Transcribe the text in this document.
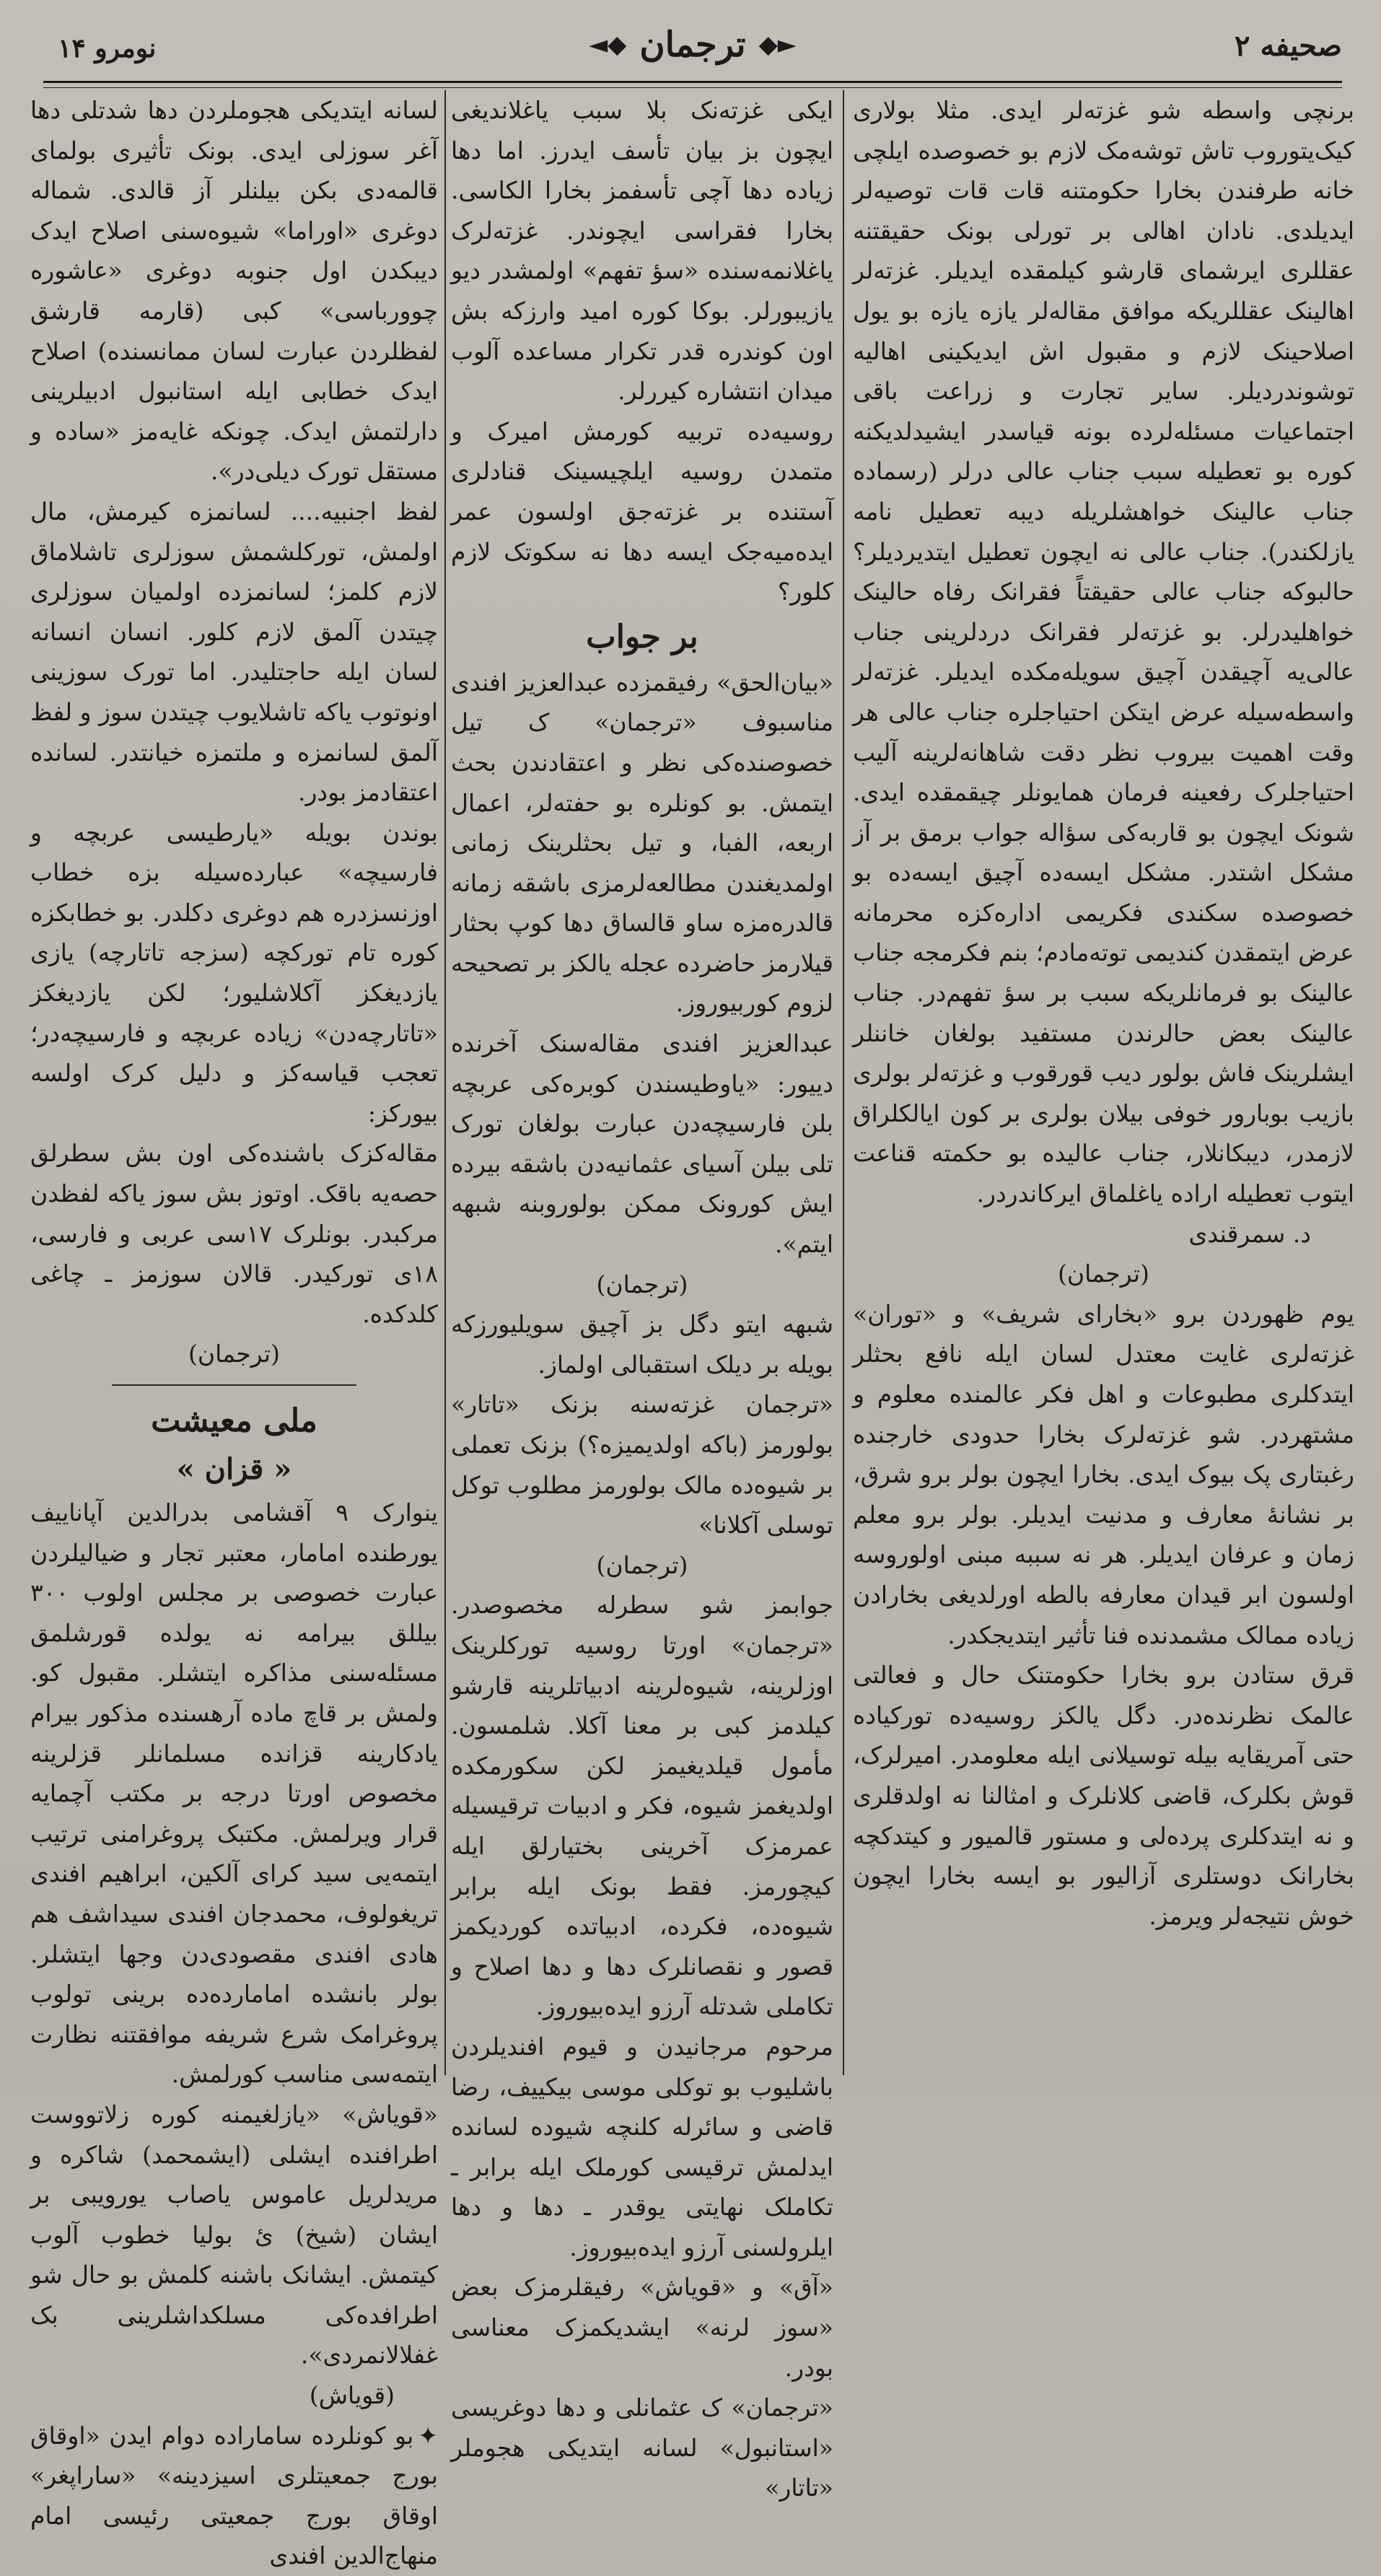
صحیفه ۲
◄◆ ترجمان ◆►
نومرو ۱۴

برنچی واسطه شو غزته‌لر ایدی. مثلا بولاری کیک‌یتوروب تاش توشه‌مک لازم بو خصوصده ایلچی خانه طرفندن بخارا حکومتنه قات قات توصیه‌لر ایدیلدی. نادان اهالی بر تورلی بونک حقیقتنه عقللری ایرشمای قارشو کیلمقده ایدیلر. غزته‌لر اهالینک عقللریکه موافق مقاله‌لر یازه یازه بو یول اصلاحینک لازم و مقبول اش ایدیکینی اهالیه توشوندردیلر. سایر تجارت و زراعت باقی اجتماعیات مسئله‌لرده بونه قیاسدر ایشیدلدیکنه کوره بو تعطیله سبب جناب عالی درلر (رسماده جناب عالینک خواهشلریله دیبه تعطیل نامه یازلکندر). جناب عالی نه ایچون تعطیل ایتدیردیلر؟ حالبوکه جناب عالی حقیقتاً فقرانک رفاه حالینک خواهلیدرلر. بو غزته‌لر فقرانک دردلرینی جناب عالی‌یه آچیقدن آچیق سویله‌مکده ایدیلر. غزته‌لر واسطه‌سیله عرض ایتکن احتیاجلره جناب عالی هر وقت اهمیت بیروب نظر دقت شاهانه‌لرینه آلیب احتیاجلرک رفعینه فرمان همایونلر چیقمقده ایدی. شونک ایچون بو قاربه‌کی سؤاله جواب برمق بر آز مشکل اشتدر. مشکل ایسه‌ده آچیق ایسه‌ده بو خصوصده سکندی فکریمی اداره‌کزه محرمانه عرض ایتمقدن کندیمی توته‌مادم؛ بنم فکرمجه جناب عالینک بو فرمانلریکه سبب بر سؤ تفهم‌در. جناب عالینک بعض حالرندن مستفید بولغان خاننلر ایشلرینک فاش بولور دیب قورقوب و غزته‌لر بولری بازیب بوبارور خوفی بیلان بولری بر کون ایالکلراق لازمدر، دیبکانلار، جناب عالیده بو حکمته قناعت ایتوب تعطیله اراده یاغلماق ایرکاندردر.

د. سمرقندی

(ترجمان)

یوم ظهوردن برو «بخارای شریف» و «توران» غزته‌لری غایت معتدل لسان ایله نافع بحثلر ایتدکلری مطبوعات و اهل فکر عالمنده معلوم و مشتهردر. شو غزته‌لرک بخارا حدودی خارجنده رغبتاری پک بیوک ایدی. بخارا ایچون بولر برو شرق، بر نشانهٔ معارف و مدنیت ایدیلر. بولر برو معلم زمان و عرفان ایدیلر. هر نه سببه مبنی اولوروسه اولسون ابر قیدان معارفه بالطه اورلدیغی بخارادن زیاده ممالک مشمدنده فنا تأثیر ایتدیجکدر.

قرق ستادن برو بخارا حکومتنک حال و فعالتی عالمک نظرنده‌در. دگل یالکز روسیه‌ده تورکیاده حتی آمریقایه بیله توسیلانی ایله معلومدر. امیرلرک، قوش بکلرک، قاضی کلانلرک و امثالنا نه اولدقلری و نه ایتدکلری پرده‌لی و مستور قالمیور و کیتدکچه بخارانک دوستلری آزالیور بو ایسه بخارا ایچون خوش نتیجه‌لر ویرمز.

ایکی غزته‌نک بلا سبب یاغلاندیغی ایچون بز بیان تأسف ایدرز. اما دها زیاده دها آچی تأسفمز بخارا الکاسی. بخارا فقراسی ایچوندر. غزته‌لرک یاغلانمه‌سنده «سؤ تفهم» اولمشدر دیو یازیبورلر. بوکا کوره امید وارزکه بش اون کوندره قدر تکرار مساعده آلوب میدان انتشاره کیررلر.

روسیه‌ده تربیه کورمش امیرک و متمدن روسیه ایلچیسینک قنادلری آستنده بر غزته‌جق اولسون عمر ایده‌میه‌جک ایسه دها نه سکوتک لازم کلور؟

بر جواب

«بیان‌الحق» رفیقمزده عبدالعزیز افندی مناسبوف «ترجمان» ک تیل خصوصنده‌کی نظر و اعتقادندن بحث ایتمش. بو کونلره بو حفته‌لر، اعمال اربعه، الفبا، و تیل بحثلرینک زمانی اولمدیغندن مطالعه‌لرمزی باشقه زمانه قالدره‌مزه ساو قالساق دها کوپ بحثار قیلارمز حاضرده عجله یالکز بر تصحیحه لزوم کوربیوروز.

عبدالعزیز افندی مقاله‌سنک آخرنده دییور: «یاوطیسندن کوبره‌کی عربچه بلن فارسیچه‌دن عبارت بولغان تورک تلی بیلن آسیای عثمانیه‌دن باشقه بیرده ایش کورونک ممکن بولوروبنه شبهه ایتم».

(ترجمان)

شبهه ایتو دگل بز آچیق سویلیورزکه بویله بر دیلک استقبالی اولماز.

«ترجمان غزته‌سنه بزنک «تاتار» بولورمز (باکه اولدیمیزه؟) بزنک تعملی بر شیوه‌ده مالک بولورمز مطلوب توکل توسلی آکلانا»

(ترجمان)

جوابمز شو سطرله مخصوصدر. «ترجمان» اورتا روسیه تورکلرینک اوزلرینه، شیوه‌لرینه ادبیاتلرینه قارشو کیلدمز کبی بر معنا آکلا. شلمسون. مأمول قیلدیغیمز لکن سکورمکده اولدیغمز شیوه، فکر و ادبیات ترقیسیله عمرمزک آخرینی بختیارلق ایله کیچورمز. فقط بونک ایله برابر شیوه‌ده، فکرده، ادبیاتده کوردیکمز قصور و نقصانلرک دها و دها اصلاح و تکاملی شدتله آرزو ایده‌بیوروز.

مرحوم مرجانیدن و قیوم افندیلردن باشلیوب بو توکلی موسی بیکییف، رضا قاضی و سائرله کلنچه شیوده لسانده ایدلمش ترقیسی کورملک ایله برابر ـ تکاملک نهایتی یوقدر ـ دها و دها ایلرولسنی آرزو ایده‌بیوروز.

«آق» و «قویاش» رفیقلرمزک بعض «سوز لرنه» ایشدیکمزک معناسی بودر.

«ترجمان» ک عثمانلی و دها دوغریسی «استانبول» لسانه ایتدیکی هجوملر «تاتار»

لسانه ایتدیکی هجوملردن دها شدتلی دها آغر سوزلی ایدی. بونک تأثیری بولمای قالمه‌دی بکن بیلنلر آز قالدی. شماله دوغری «اوراما» شیوه‌سنی اصلاح ایدک دیبکدن اول جنوبه دوغری «عاشوره چوورباسی» کبی (قارمه قارشق لفظلردن عبارت لسان ممانسنده) اصلاح ایدک خطابی ایله استانبول ادبیلرینی دارلتمش ایدک. چونکه غایه‌مز «ساده و مستقل تورک دیلی‌در».

لفظ اجنبیه.... لسانمزه کیرمش، مال اولمش، تورکلشمش سوزلری تاشلاماق لازم کلمز؛ لسانمزده اولمیان سوزلری چیتدن آلمق لازم کلور. انسان انسانه لسان ایله حاجتلیدر. اما تورک سوزینی اونوتوب یاکه تاشلایوب چیتدن سوز و لفظ آلمق لسانمزه و ملتمزه خیانتدر. لسانده اعتقادمز بودر.

بوندن بویله «یارطیسی عربچه و فارسیچه» عبارده‌سیله بزه خطاب اوزنسزدره هم دوغری دکلدر. بو خطابکزه کوره تام تورکچه (سزجه تاتارچه) یازی یازدیغکز آکلاشلیور؛ لکن یازدیغکز «تاتارچه‌دن» زیاده عربچه و فارسیچه‌در؛ تعجب قیاسه‌کز و دلیل کرک اولسه بیورکز:

مقاله‌کزک باشنده‌کی اون بش سطرلق حصه‌یه باقک. اوتوز بش سوز یاکه لفظدن مرکبدر. بونلرک ۱۷سی عربی و فارسی، ۱۸ی تورکیدر. قالان سوزمز ـ چاغی کلدکده.

(ترجمان)

ملی معیشت
« قزان »

ینوارک ۹ آقشامی بدرالدین آپاناییف یورطنده امامار، معتبر تجار و ضیالیلردن عبارت خصوصی بر مجلس اولوب ۳۰۰ بیللق بیرامه نه یولده قورشلمق مسئله‌سنی مذاکره ایتشلر. مقبول کو. ولمش بر قاچ ماده آرهسنده مذکور بیرام یادکارینه قزانده مسلمانلر قزلرینه مخصوص اورتا درجه بر مکتب آچمایه قرار ویرلمش. مکتبک پروغرامنی ترتیب ایتمه‌یی سید کرای آلکین، ابراهیم افندی تریغولوف، محمدجان افندی سیداشف هم هادی افندی مقصودی‌دن وجها ایتشلر. بولر بانشده امامارده‌ده برینی تولوب پروغرامک شرع شریفه موافقتنه نظارت ایتمه‌سی مناسب کورلمش.

«قویاش» «یازلغیمنه کوره زلاتووست اطرافنده ایشلی (ایشمحمد) شاکره و مریدلریل عاموس یاصاب یورویبی بر ایشان (شیخ) ئ بولیا خطوب آلوب کیتمش. ایشانک باشنه کلمش بو حال شو اطرافده‌کی مسلکداشلرینی بک غفلالانمردی».

(قویاش)

✦بو کونلرده ساماراده دوام ایدن «اوقاق بورج جمعیتلری اسیزدینه» «ساراپغر» اوقاق بورج جمعیتی رئیسی امام منهاج‌الدین افندی
